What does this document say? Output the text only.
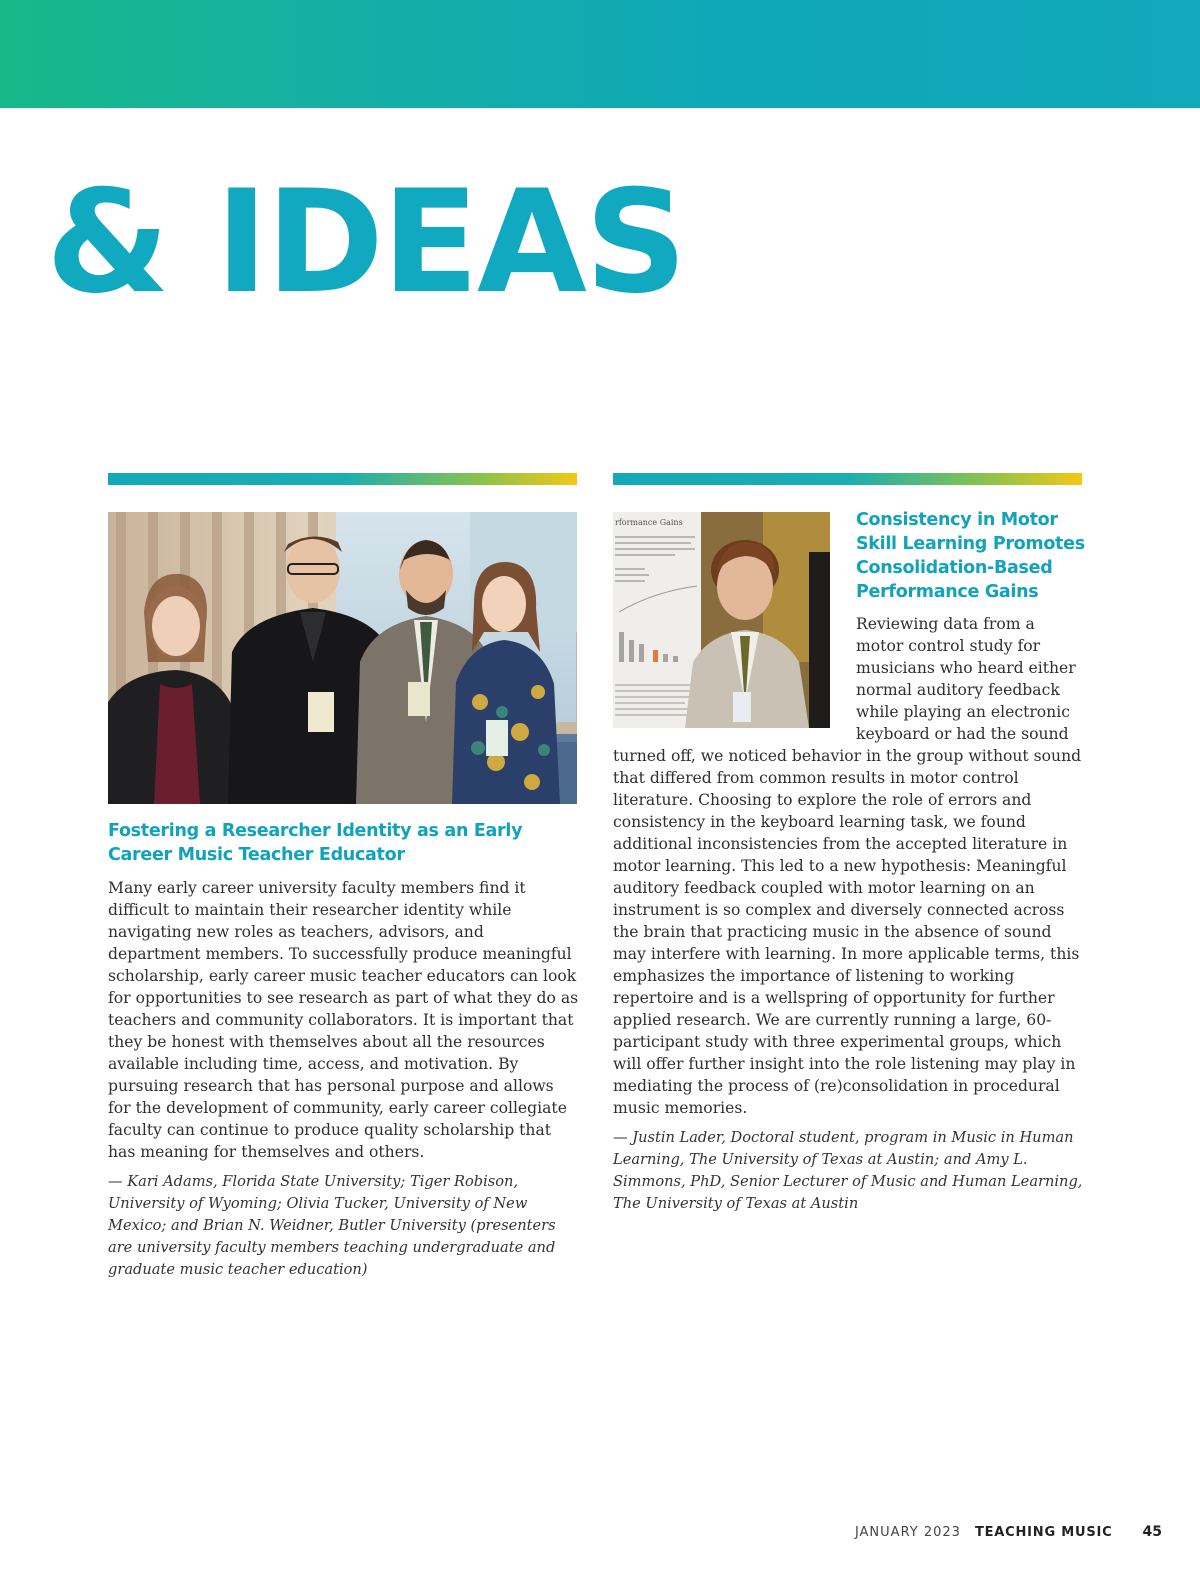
& IDEAS
rformance Gains
Fostering a Researcher Identity as an Early Career Music Teacher Educator

Many early career university faculty members find it difficult to maintain their researcher identity while navigating new roles as teachers, advisors, and department members. To successfully produce meaningful scholarship, early career music teacher educators can look for opportunities to see research as part of what they do as teachers and community collaborators. It is important that they be honest with themselves about all the resources available including time, access, and motivation. By pursuing research that has personal purpose and allows for the development of community, early career collegiate faculty can continue to produce quality scholarship that has meaning for themselves and others.

— Kari Adams, Florida State University; Tiger Robison, University of Wyoming; Olivia Tucker, University of New Mexico; and Brian N. Weidner, Butler University (presenters are university faculty members teaching undergraduate and graduate music teacher education)

Consistency in Motor Skill Learning Promotes Consolidation-Based Performance Gains

Reviewing data from a motor control study for musicians who heard either normal auditory feedback while playing an electronic keyboard or had the sound

turned off, we noticed behavior in the group without sound that differed from common results in motor control literature. Choosing to explore the role of errors and consistency in the keyboard learning task, we found additional inconsistencies from the accepted literature in motor learning. This led to a new hypothesis: Meaningful auditory feedback coupled with motor learning on an instrument is so complex and diversely connected across the brain that practicing music in the absence of sound may interfere with learning. In more applicable terms, this emphasizes the importance of listening to working repertoire and is a wellspring of opportunity for further applied research. We are currently running a large, 60-participant study with three experimental groups, which will offer further insight into the role listening may play in mediating the process of (re)consolidation in procedural music memories.

— Justin Lader, Doctoral student, program in Music in Human Learning, The University of Texas at Austin; and Amy L. Simmons, PhD, Senior Lecturer of Music and Human Learning, The University of Texas at Austin

JANUARY 2023 TEACHING MUSIC 45
